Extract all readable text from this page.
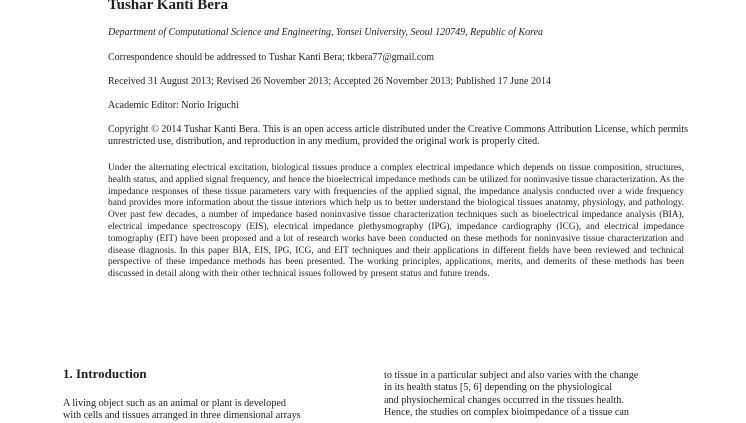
Tushar Kanti Bera

Department of Computational Science and Engineering, Yonsei University, Seoul 120749, Republic of Korea

Correspondence should be addressed to Tushar Kanti Bera; tkbera77@gmail.com

Received 31 August 2013; Revised 26 November 2013; Accepted 26 November 2013; Published 17 June 2014

Academic Editor: Norio Iriguchi

Copyright © 2014 Tushar Kanti Bera. This is an open access article distributed under the Creative Commons Attribution License, which permits unrestricted use, distribution, and reproduction in any medium, provided the original work is properly cited.

Under the alternating electrical excitation, biological tissues produce a complex electrical impedance which depends on tissue composition, structures, health status, and applied signal frequency, and hence the bioelectrical impedance methods can be utilized for noninvasive tissue characterization. As the impedance responses of these tissue parameters vary with frequencies of the applied signal, the impedance analysis conducted over a wide frequency band provides more information about the tissue interiors which help us to better understand the biological tissues anatomy, physiology, and pathology. Over past few decades, a number of impedance based noninvasive tissue characterization techniques such as bioelectrical impedance analysis (BIA), electrical impedance spectroscopy (EIS), electrical impedance plethysmography (IPG), impedance cardiography (ICG), and electrical impedance tomography (EIT) have been proposed and a lot of research works have been conducted on these methods for noninvasive tissue characterization and disease diagnosis. In this paper BIA, EIS, IPG, ICG, and EIT techniques and their applications in different fields have been reviewed and technical perspective of these impedance methods has been presented. The working principles, applications, merits, and demerits of these methods has been discussed in detail along with their other technical issues followed by present status and future trends.

1. Introduction
A living object such as an animal or plant is developed
with cells and tissues arranged in three dimensional arrays
to tissue in a particular subject and also varies with the change
in its health status [5, 6] depending on the physiological
and physiochemical changes occurred in the tissues health.
Hence, the studies on complex bioimpedance of a tissue can
